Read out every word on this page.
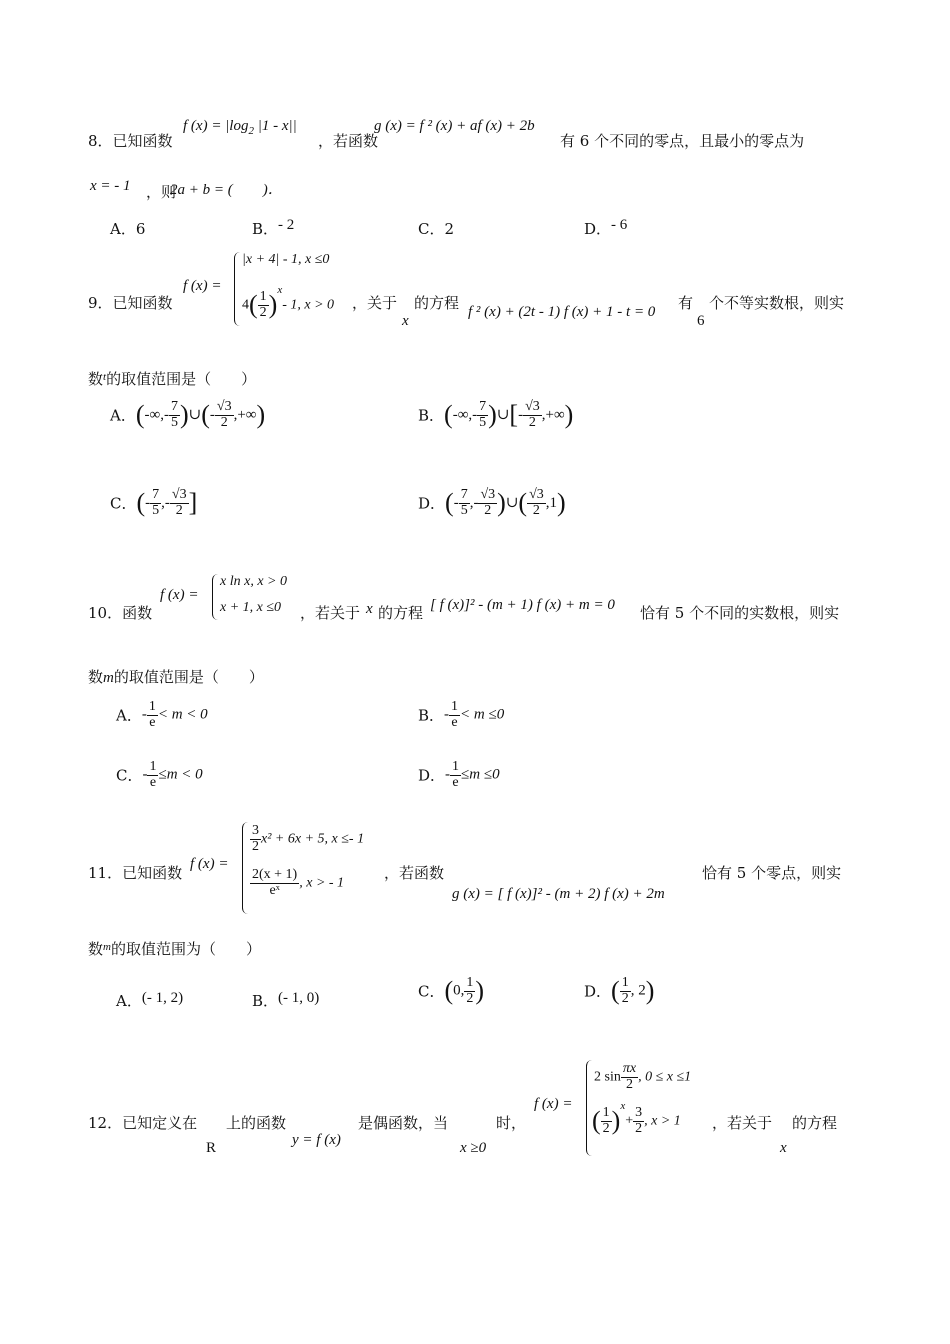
8．已知函数
f $(x) = |\log_2$ |1 - x||
，若函数
g (x) = f ² (x) + af (x) + 2b
有 6 个不同的零点，且最小的零点为
x = - 1 ，则
2a + b = (　　)．
A．6	B．- 2	C．2	D．- 6
9．已知函数
f (x) =
|x + 4| - 1, x ≤0
$4( \frac{1}{2} )^x-$ 1, x > 0 ，关于
x
的方程 f ² (x) + (2t - 1) f (x) + 1 - t = 0 有
6
个不等实数根，则实
数$^t$的取值范围是（　　）
A．(-∞,- $\frac{7}{5}$ )∪(- $\frac{√3}{2}$ ,+∞)	B．(-∞,- $\frac{7}{5}$ )∪[- $\frac{√3}{2}$ ,+∞)
C．(- $\frac{7}{5}$ ,- $\frac{√3}{2}$ ]	D．(- $\frac{7}{5}$ ,- $\frac{√3}{2}$ )∪( $\frac{√3}{2} ,1$)
10．函数
f (x) =
x ln x, x > 0
x + 1, x ≤0 ，若关于 x 的方程 [ f (x)]² - (m + 1) f (x) + m = 0 恰有 5 个不同的实数根，则实
数m的取值范围是（　　）
A．- $\frac{1}{e} < m < 0$	B．- $\frac{1}{e} < m \le 0$
C．- $\frac{1}{e} \le m < 0$	D．- $\frac{1}{e} \le m \le 0$
11．已知函数 f (x) =
$\frac{3}{2} x^2 + 6x + 5$, x ≤- 1
$\frac{2(x + 1)}{\text{eˣ}}$ , x > - 1
，若函数
g (x) = [ f (x)]² - (m + 2) f (x) + 2m
恰有 5 个零点，则实
数$^m$的取值范围为（　　）
A．(- 1, 2)	B．(- 1, 0)	C．(0, $\frac{1}{2}$ )	D．( $\frac{1}{2}$ , 2)
12．已知定义在
R
上的函数
y = f (x)
是偶函数，当
x ≥0
时，
f (x) =
2 $\sin \frac{\pi x}{2}$ , 0 ≤ x ≤1
( $\frac{1}{2} )^x+ \frac{3}{2}$ , x > 1 ，若关于
x
的方程
